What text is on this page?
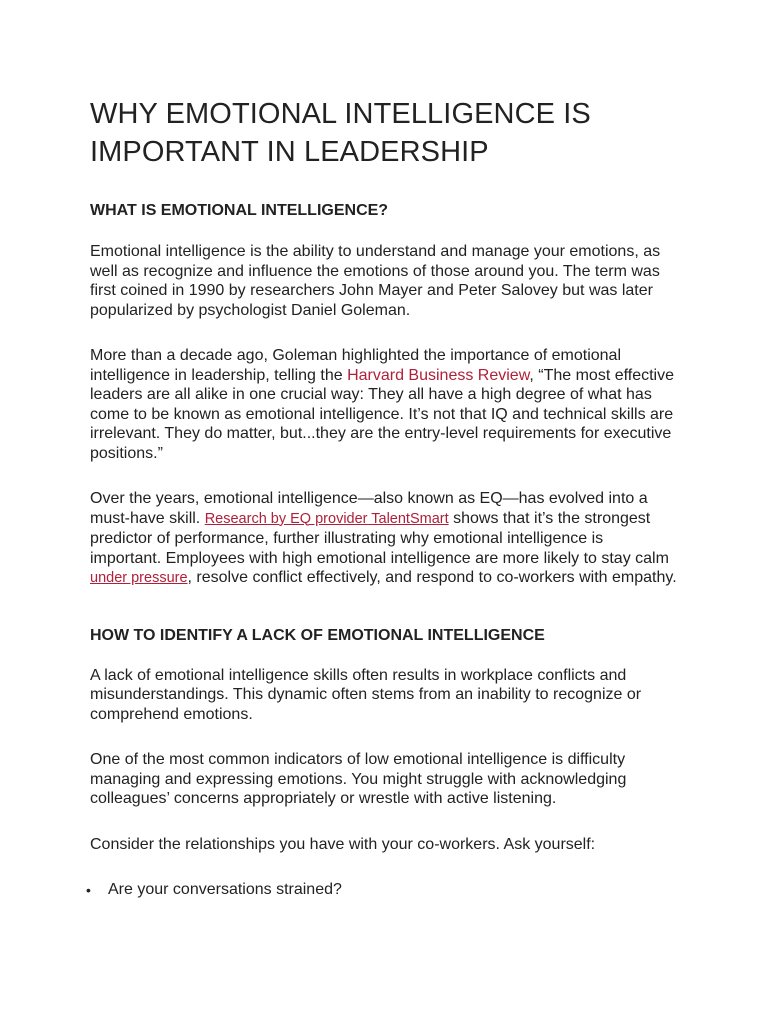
WHY EMOTIONAL INTELLIGENCE IS IMPORTANT IN LEADERSHIP
WHAT IS EMOTIONAL INTELLIGENCE?

Emotional intelligence is the ability to understand and manage your emotions, as well as recognize and influence the emotions of those around you. The term was first coined in 1990 by researchers John Mayer and Peter Salovey but was later popularized by psychologist Daniel Goleman.

More than a decade ago, Goleman highlighted the importance of emotional intelligence in leadership, telling the Harvard Business Review, “The most effective leaders are all alike in one crucial way: They all have a high degree of what has come to be known as emotional intelligence. It’s not that IQ and technical skills are irrelevant. They do matter, but...they are the entry-level requirements for executive positions.”

Over the years, emotional intelligence—also known as EQ—has evolved into a must-have skill. Research by EQ provider TalentSmart shows that it’s the strongest predictor of performance, further illustrating why emotional intelligence is important. Employees with high emotional intelligence are more likely to stay calm under pressure, resolve conflict effectively, and respond to co-workers with empathy.

HOW TO IDENTIFY A LACK OF EMOTIONAL INTELLIGENCE

A lack of emotional intelligence skills often results in workplace conflicts and misunderstandings. This dynamic often stems from an inability to recognize or comprehend emotions.

One of the most common indicators of low emotional intelligence is difficulty managing and expressing emotions. You might struggle with acknowledging colleagues’ concerns appropriately or wrestle with active listening.

Consider the relationships you have with your co-workers. Ask yourself:

• Are your conversations strained?
